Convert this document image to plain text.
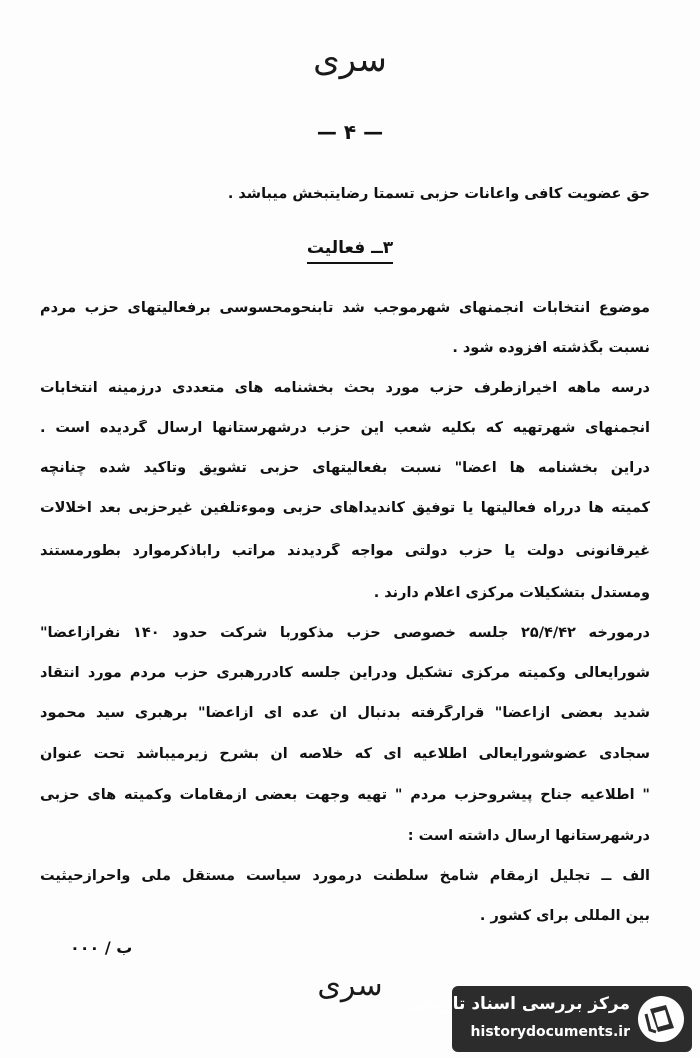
سری
— ۴ —
حق عضویت کافی واعانات حزبی تسمتا رضایتبخش میباشد .
۳ــ فعالیت
موضوع انتخابات انجمنهای شهرموجب شد تابنحومحسوسی برفعالیتهای حزب مردم
نسبت بگذشته افزوده شود .
درسه ماهه اخیرازطرف حزب مورد بحث بخشنامه های متعددی درزمینه انتخابات
انجمنهای شهرتهیه که بکلیه شعب این حزب درشهرستانها ارسال گردیده است .
دراین بخشنامه ها اعضا" نسبت بفعالیتهای حزبی تشویق وتاکید شده چنانچه
کمیته ها درراه فعالیتها یا توفیق کاندیداهای حزبی وموءتلفین غیرحزبی بعد اخلالات
غیرقانونی دولت یا حزب دولتی مواجه گردیدند مراتب راباذکرموارد بطورمستند
ومستدل بتشکیلات مرکزی اعلام دارند .
درمورخه ۲۵/۴/۴۲ جلسه خصوصی حزب مذکوربا شرکت حدود ۱۴۰ نفرازاعضا"
شورایعالی وکمیته مرکزی تشکیل ودراین جلسه کادررهبری حزب مردم مورد انتقاد
شدید بعضی ازاعضا" قرارگرفته بدنبال آن عده ای ازاعضا" برهبری سید محمود
سجادی عضوشورایعالی اطلاعیه ای که خلاصه آن بشرح زیرمیباشد تحت عنوان
" اطلاعیه جناح پیشروحزب مردم " تهیه وجهت بعضی ازمقامات وکمیته های حزبی
درشهرستانها ارسال داشته است :
الف ــ تجلیل ازمقام شامخ سلطنت درمورد سیاست مستقل ملی واحرازحیثیت
بین المللی برای کشور .
ب / ۰۰۰
سری
مرکز بررسی اسناد تاریخی
historydocuments.ir
